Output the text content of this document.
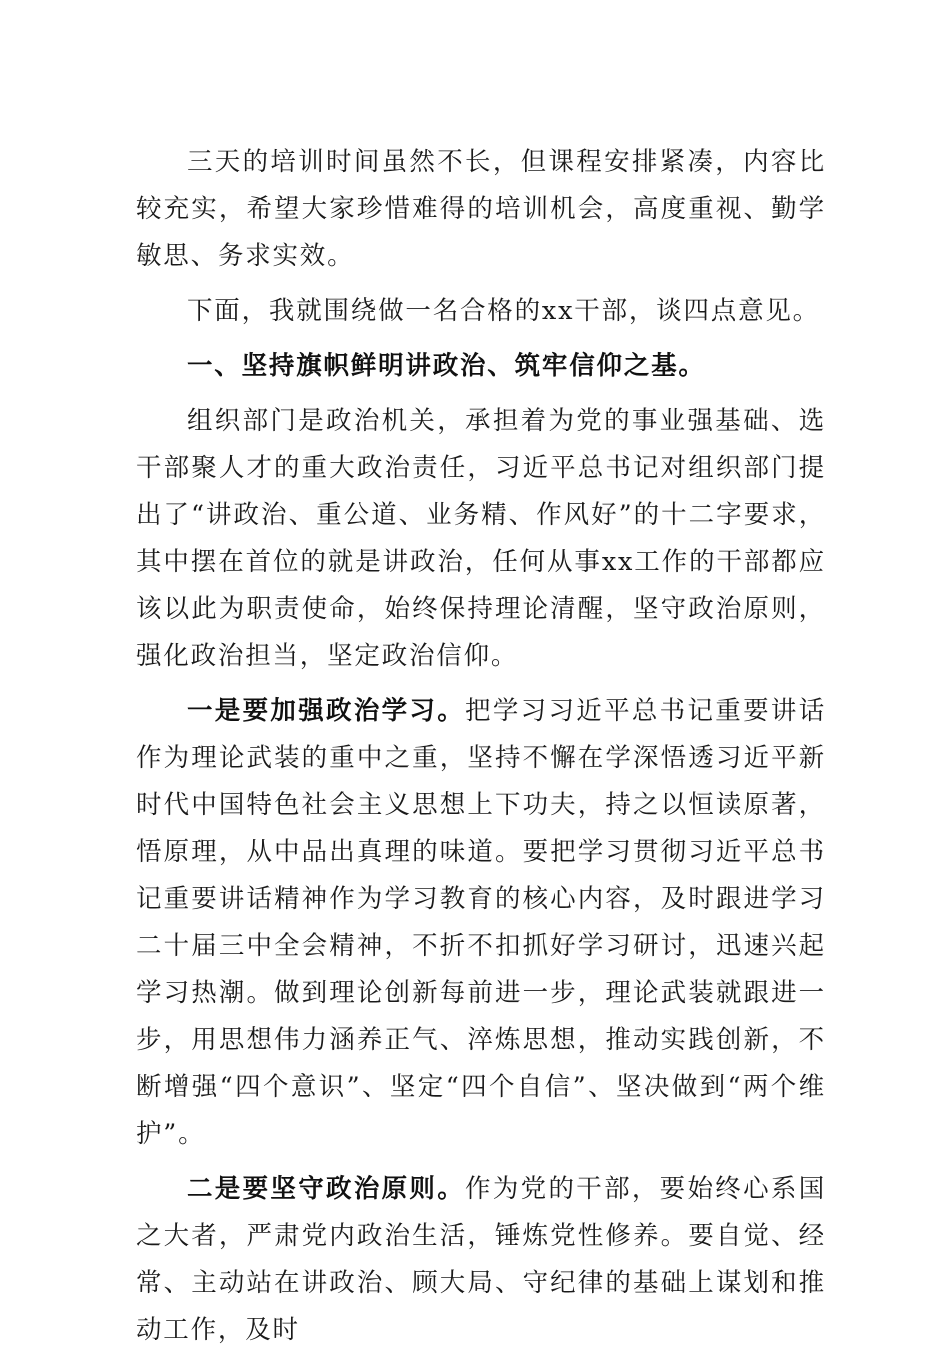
三天的培训时间虽然不长，但课程安排紧凑，内容比较充实，希望大家珍惜难得的培训机会，高度重视、勤学敏思、务求实效。

下面，我就围绕做一名合格的xx干部，谈四点意见。

一、坚持旗帜鲜明讲政治、筑牢信仰之基。

组织部门是政治机关，承担着为党的事业强基础、选干部聚人才的重大政治责任，习近平总书记对组织部门提出了“讲政治、重公道、业务精、作风好”的十二字要求，其中摆在首位的就是讲政治，任何从事xx工作的干部都应该以此为职责使命，始终保持理论清醒，坚守政治原则，强化政治担当，坚定政治信仰。

一是要加强政治学习。把学习习近平总书记重要讲话作为理论武装的重中之重，坚持不懈在学深悟透习近平新时代中国特色社会主义思想上下功夫，持之以恒读原著，悟原理，从中品出真理的味道。要把学习贯彻习近平总书记重要讲话精神作为学习教育的核心内容，及时跟进学习二十届三中全会精神，不折不扣抓好学习研讨，迅速兴起学习热潮。做到理论创新每前进一步，理论武装就跟进一步，用思想伟力涵养正气、淬炼思想，推动实践创新，不断增强“四个意识”、坚定“四个自信”、坚决做到“两个维护”。

二是要坚守政治原则。作为党的干部，要始终心系国之大者，严肃党内政治生活，锤炼党性修养。要自觉、经常、主动站在讲政治、顾大局、守纪律的基础上谋划和推动工作，及时
